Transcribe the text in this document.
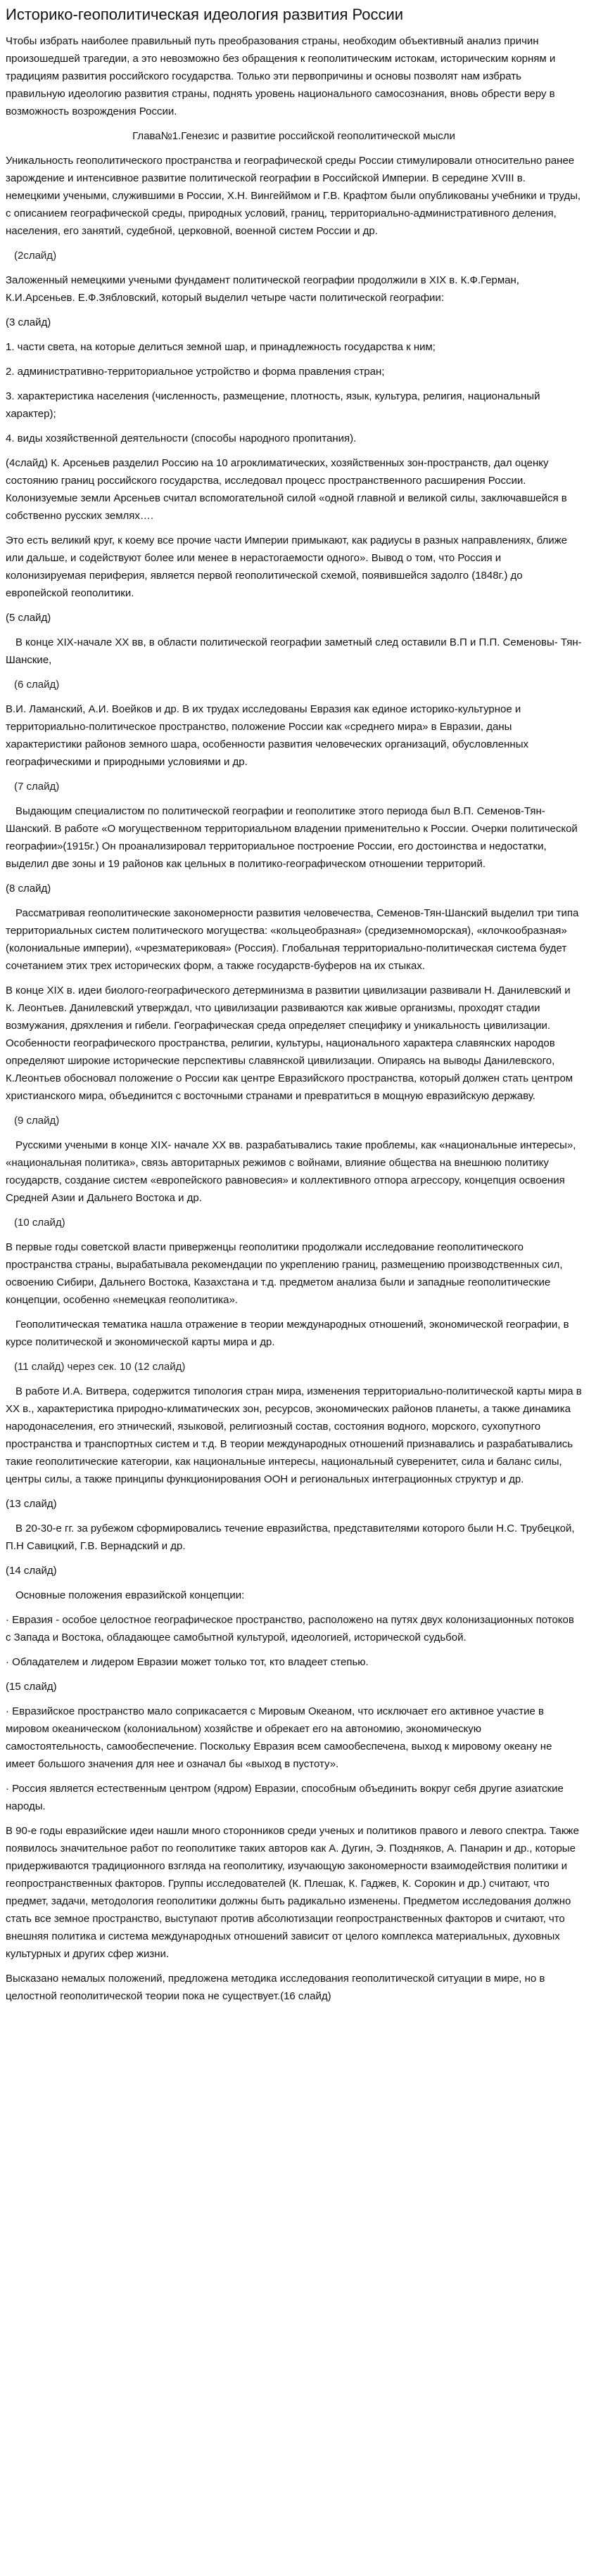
Историко-геополитическая идеология развития России

Чтобы избрать наиболее правильный путь преобразования страны, необходим объективный анализ причин произошедшей трагедии, а это невозможно без обращения к геополитическим истокам, историческим корням и традициям развития российского государства. Только эти первопричины и основы позволят нам избрать правильную идеологию развития страны, поднять уровень национального самосознания, вновь обрести веру в возможность возрождения России.

Глава№1.Генезис и развитие российской геополитической мысли

Уникальность геополитического пространства и географической среды России стимулировали относительно ранее зарождение и интенсивное развитие политической географии в Российской Империи. В середине XVIII в. немецкими учеными, служившими в России, Х.Н. Вингейймом и Г.В. Крафтом были опубликованы учебники и труды, с описанием географической среды, природных условий, границ, территориально-административного деления, населения, его занятий, судебной, церковной, военной систем России и др.

(2слайд)

Заложенный немецкими учеными фундамент политической географии продолжили в XIX в. К.Ф.Герман, К.И.Арсеньев. Е.Ф.Зябловский, который выделил четыре части политической географии:

(3 слайд)

1. части света, на которые делиться земной шар, и принадлежность государства к ним;

2. административно-территориальное устройство и форма правления стран;

3. характеристика населения (численность, размещение, плотность, язык, культура, религия, национальный характер);

4. виды хозяйственной деятельности (способы народного пропитания).

(4слайд) К. Арсеньев разделил Россию на 10 агроклиматических, хозяйственных зон-пространств, дал оценку состоянию границ российского государства, исследовал процесс пространственного расширения России. Колонизуемые земли Арсеньев считал вспомогательной силой «одной главной и великой силы, заключавшейся в собственно русских землях….

Это есть великий круг, к коему все прочие части Империи примыкают, как радиусы в разных направлениях, ближе или дальше, и содействуют более или менее в нерастоrаемости одного». Вывод о том, что Россия и колонизируемая периферия, является первой геополитической схемой, появившейся задолго (1848г.) до европейской геополитики.

(5 слайд)

В конце XIX-начале XX вв, в области политической географии заметный след оставили В.П и П.П. Семеновы- Тян-Шанские,

(6 слайд)

В.И. Ламанский, А.И. Воейков и др. В их трудах исследованы Евразия как единое историко-культурное и территориально-политическое пространство, положение России как «среднего мира» в Евразии, даны характеристики районов земного шара, особенности развития человеческих организаций, обусловленных географическими и природными условиями и др.

(7 слайд)

Выдающим специалистом по политической географии и геополитике этого периода был В.П. Семенов-Тян-Шанский. В работе «О могущественном территориальном владении применительно к России. Очерки политической географии»(1915г.) Он проанализировал территориальное построение России, его достоинства и недостатки, выделил две зоны и 19 районов как цельных в политико-географическом отношении территорий.

(8 слайд)

Рассматривая геополитические закономерности развития человечества, Семенов-Тян-Шанский выделил три типа территориальных систем политического могущества: «кольцеобразная» (средиземноморская), «клочкообразная» (колониальные империи), «чрезматериковая» (Россия). Глобальная территориально-политическая система будет сочетанием этих трех исторических форм, а также государств-буферов на их стыках.

В конце XIX в. идеи биолого-географического детерминизма в развитии цивилизации развивали Н. Данилевский и К. Леонтьев. Данилевский утверждал, что цивилизации развиваются как живые организмы, проходят стадии возмужания, дряхления и гибели. Географическая среда определяет специфику и уникальность цивилизации. Особенности географического пространства, религии, культуры, национального характера славянских народов определяют широкие исторические перспективы славянской цивилизации. Опираясь на выводы Данилевского, К.Леонтьев обосновал положение о России как центре Евразийского пространства, который должен стать центром христианского мира, объединится с восточными странами и превратиться в мощную евразийскую державу.

(9 слайд)

Русскими учеными в конце XIX- начале XX вв. разрабатывались такие проблемы, как «национальные интересы», «национальная политика», связь авторитарных режимов с войнами, влияние общества на внешнюю политику государств, создание систем «европейского равновесия» и коллективного отпора агрессору, концепция освоения Средней Азии и Дальнего Востока и др.

(10 слайд)

В первые годы советской власти приверженцы геополитики продолжали исследование геополитического пространства страны, вырабатывала рекомендации по укреплению границ, размещению производственных сил, освоению Сибири, Дальнего Востока, Казахстана и т.д. предметом анализа были и западные геополитические концепции, особенно «немецкая геополитика».

Геополитическая тематика нашла отражение в теории международных отношений, экономической географии, в курсе политической и экономической карты мира и др.

(11 слайд) через сек. 10 (12 слайд)

В работе И.А. Витвера, содержится типология стран мира, изменения территориально-политической карты мира в XX в., характеристика природно-климатических зон, ресурсов, экономических районов планеты, а также динамика народонаселения, его этнический, языковой, религиозный состав, состояния водного, морского, сухопутного пространства и транспортных систем и т.д. В теории международных отношений признавались и разрабатывались такие геополитические категории, как национальные интересы, национальный суверенитет, сила и баланс силы, центры силы, а также принципы функционирования ООН и региональных интеграционных структур и др.

(13 слайд)

В 20-30-е гг. за рубежом сформировались течение евразийства, представителями которого были Н.С. Трубецкой, П.Н Савицкий, Г.В. Вернадский и др.

(14 слайд)

Основные положения евразийской концепции:

· Евразия - особое целостное географическое пространство, расположено на путях двух колонизационных потоков с Запада и Востока, обладающее самобытной культурой, идеологией, исторической судьбой.

· Обладателем и лидером Евразии может только тот, кто владеет степью.

(15 слайд)

· Евразийское пространство мало соприкасается с Мировым Океаном, что исключает его активное участие в мировом океаническом (колониальном) хозяйстве и обрекает его на автономию, экономическую самостоятельность, самообеспечение. Поскольку Евразия всем самообеспечена, выход к мировому океану не имеет большого значения для нее и означал бы «выход в пустоту».

· Россия является естественным центром (ядром) Евразии, способным объединить вокруг себя другие азиатские народы.

В 90-е годы евразийские идеи нашли много сторонников среди ученых и политиков правого и левого спектра. Также появилось значительное работ по геополитике таких авторов как А. Дугин, Э. Поздняков, А. Панарин и др., которые придерживаются традиционного взгляда на геополитику, изучающую закономерности взаимодействия политики и геопространственных факторов. Группы исследователей (К. Плешак, К. Гаджев, К. Сорокин и др.) считают, что предмет, задачи, методология геополитики должны быть радикально изменены. Предметом исследования должно стать все земное пространство, выступают против абсолютизации геопространственных факторов и считают, что внешняя политика и система международных отношений зависит от целого комплекса материальных, духовных культурных и других сфер жизни.

Высказано немалых положений, предложена методика исследования геополитической ситуации в мире, но в целостной геополитической теории пока не существует.(16 слайд)
